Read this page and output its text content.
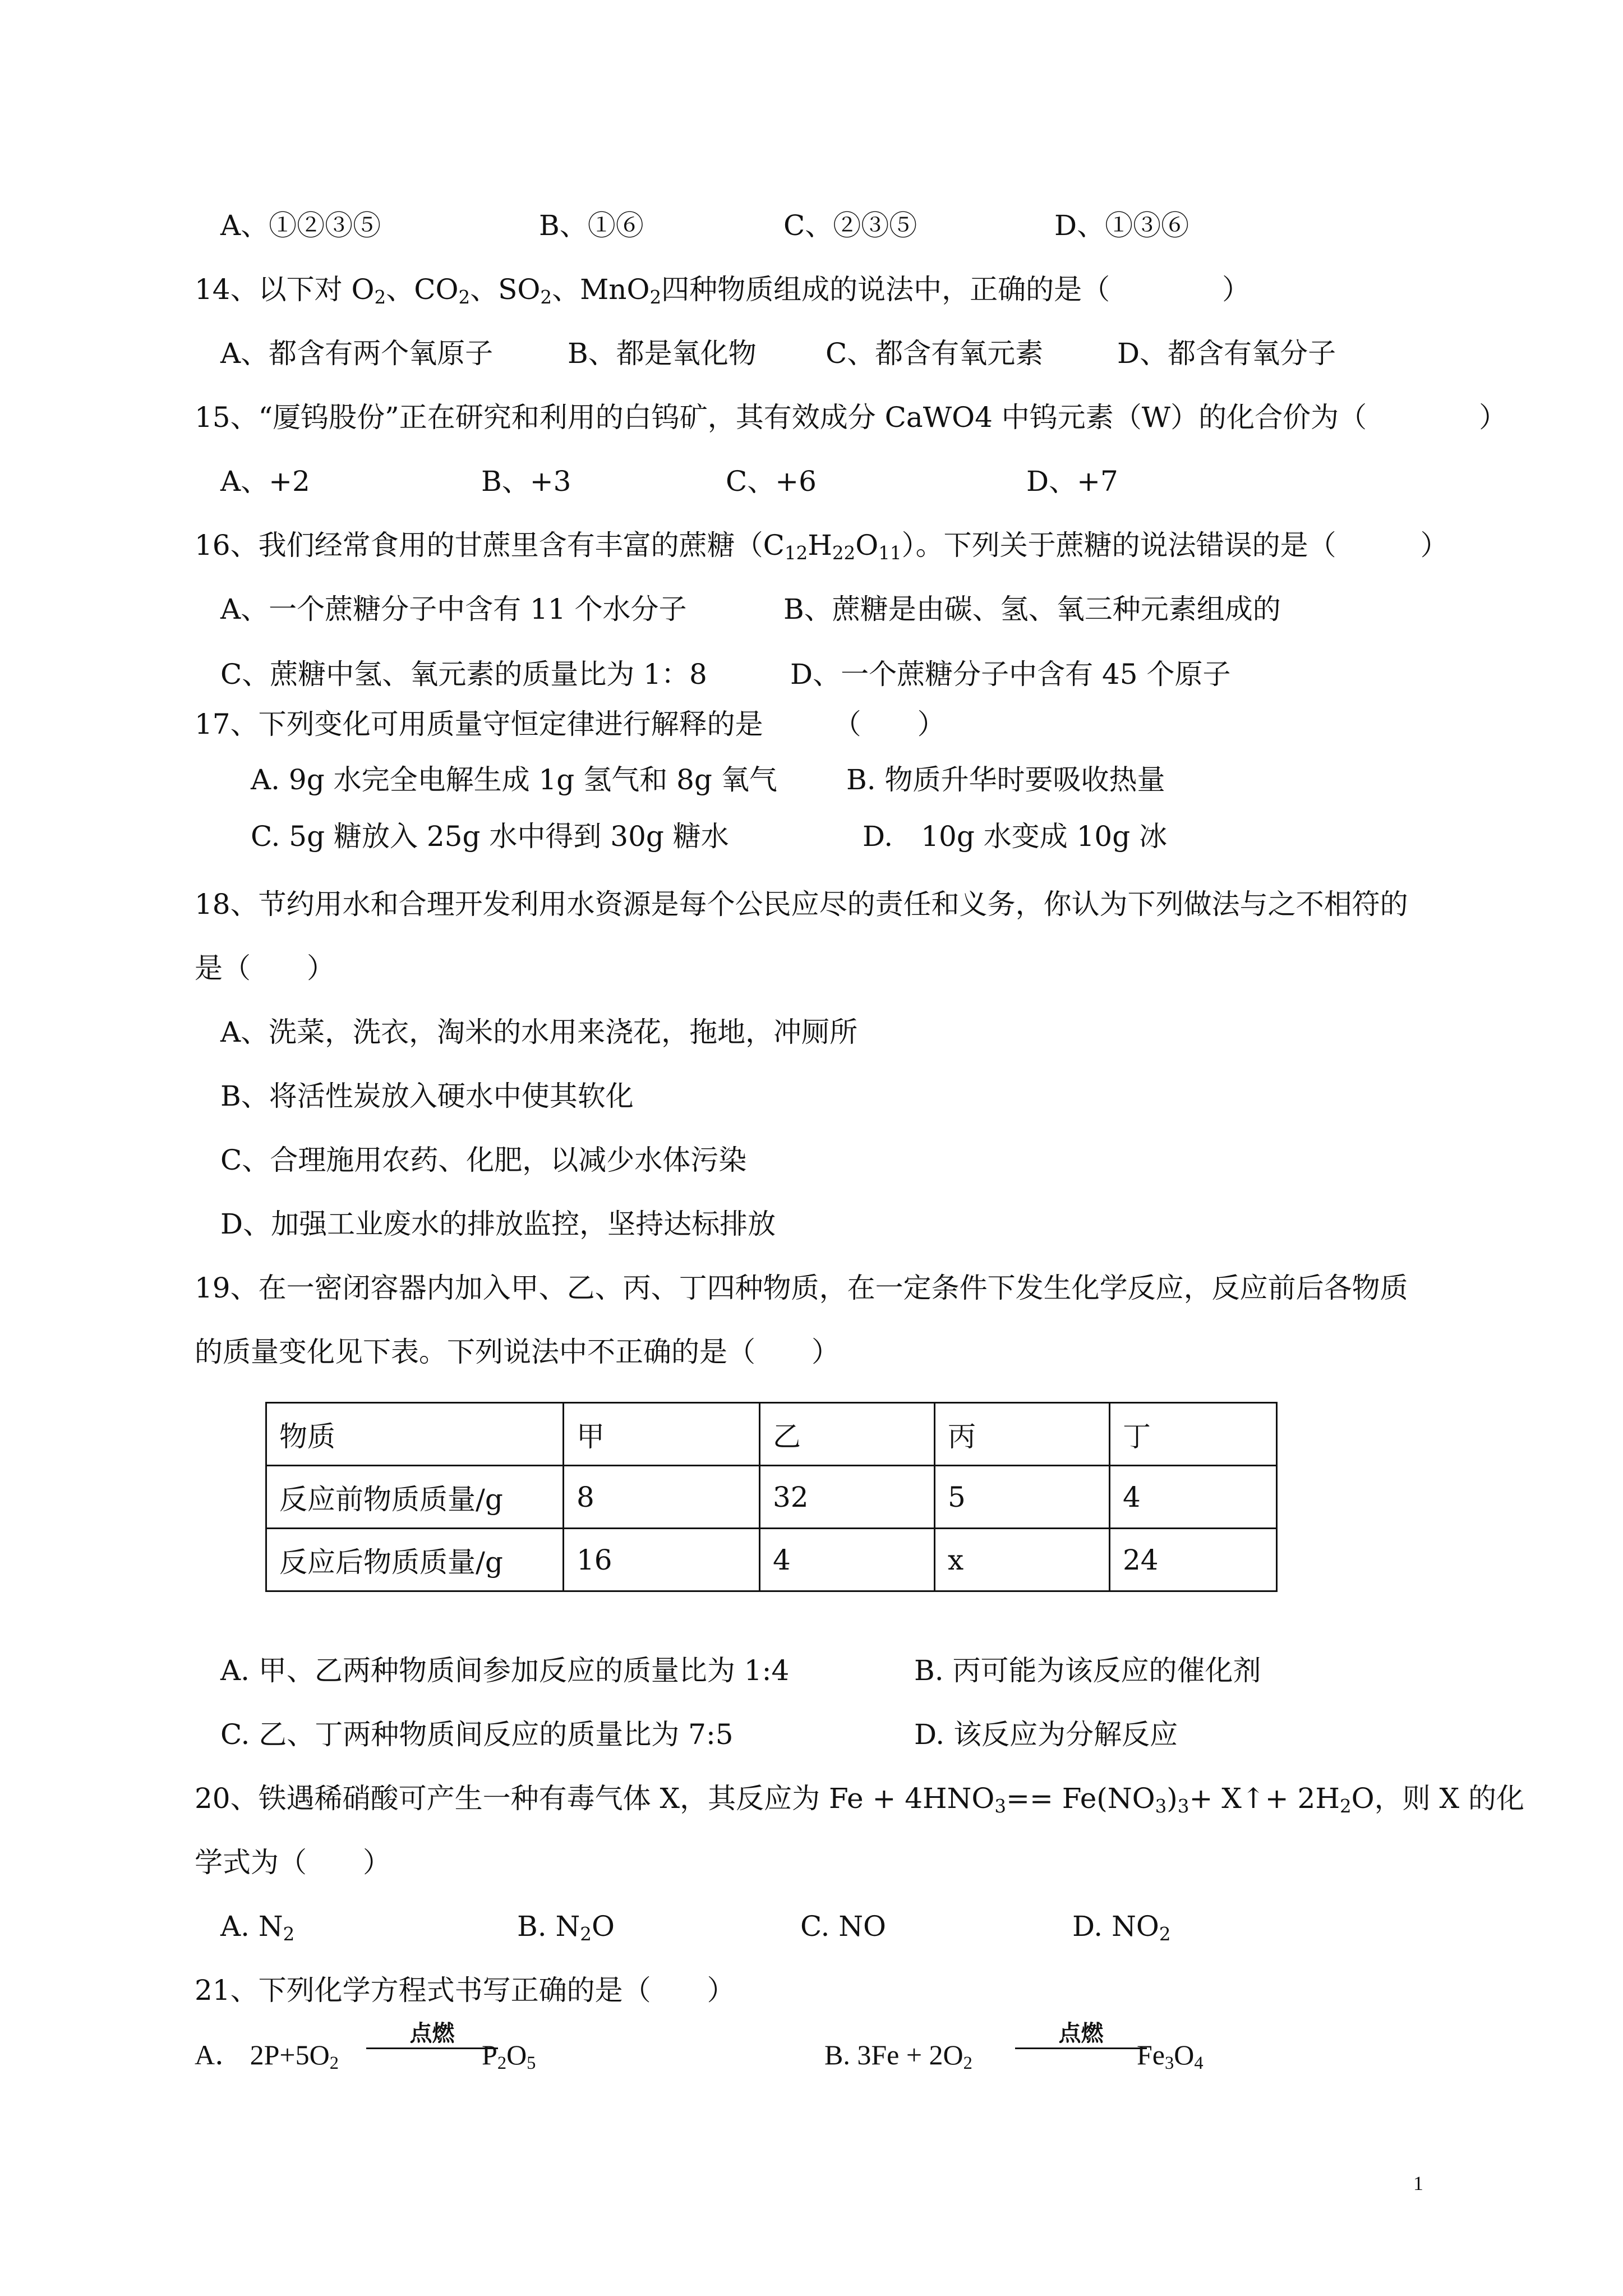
A、①②③⑤	B、①⑥	C、②③⑤	D、①③⑥
14、以下对 $O_2$、$CO_2$、$SO_2$、MnO$_2$四种物质组成的说法中，正确的是（　　　　）
A、都含有两个氧原子	B、都是氧化物 C、都含有氧元素	D、都含有氧分子
15、“厦钨股份”正在研究和利用的白钨矿，其有效成分 CaWO4 中钨元素（W）的化合价为（　　　　）
A、+2	B、+3	C、+6	D、+7
16、我们经常食用的甘蔗里含有丰富的蔗糖$(C_{12}H_{22}O_{11})$。下列关于蔗糖的说法错误的是（　　　）
A、一个蔗糖分子中含有 11 个水分子	B、蔗糖是由碳、氢、氧三种元素组成的
C、蔗糖中氢、氧元素的质量比为 1：8	D、一个蔗糖分子中含有 45 个原子
17、下列变化可用质量守恒定律进行解释的是　　　（　　）
A. 9g 水完全电解生成 1g 氢气和 8g 氧气 B. 物质升华时要吸收热量
C. 5g 糖放入 25g 水中得到 30g 糖水	D.　10g 水变成 10g 冰
18、节约用水和合理开发利用水资源是每个公民应尽的责任和义务，你认为下列做法与之不相符的
是（　　）
A、洗菜，洗衣，淘米的水用来浇花，拖地，冲厕所
B、将活性炭放入硬水中使其软化
C、合理施用农药、化肥，以减少水体污染
D、加强工业废水的排放监控，坚持达标排放
19、在一密闭容器内加入甲、乙、丙、丁四种物质，在一定条件下发生化学反应，反应前后各物质
的质量变化见下表。下列说法中不正确的是（　　）
物质	甲	乙	丙	丁
反应前物质质量/g	8	32	5	4
反应后物质质量/g	16	4	x	24
A. 甲、乙两种物质间参加反应的质量比为 1:4	B. 丙可能为该反应的催化剂
C. 乙、丁两种物质间反应的质量比为 7:5	D. 该反应为分解反应
20、铁遇稀硝酸可产生一种有毒气体 X，其反应为 $Fe + 4HNO_3== Fe(NO_3)_3+$ X↑+ $2H_2O$，则 X 的化
学式为（　　）
A. $N_2$	B. $N_2O$	C. NO	D. $NO_2$
21、下列化学方程式书写正确的是（　　）
A． $2P+5O_2$
点燃
$P_2O_5$	B. $3Fe + 2O_2$
点燃
$Fe_3O_4$
1
